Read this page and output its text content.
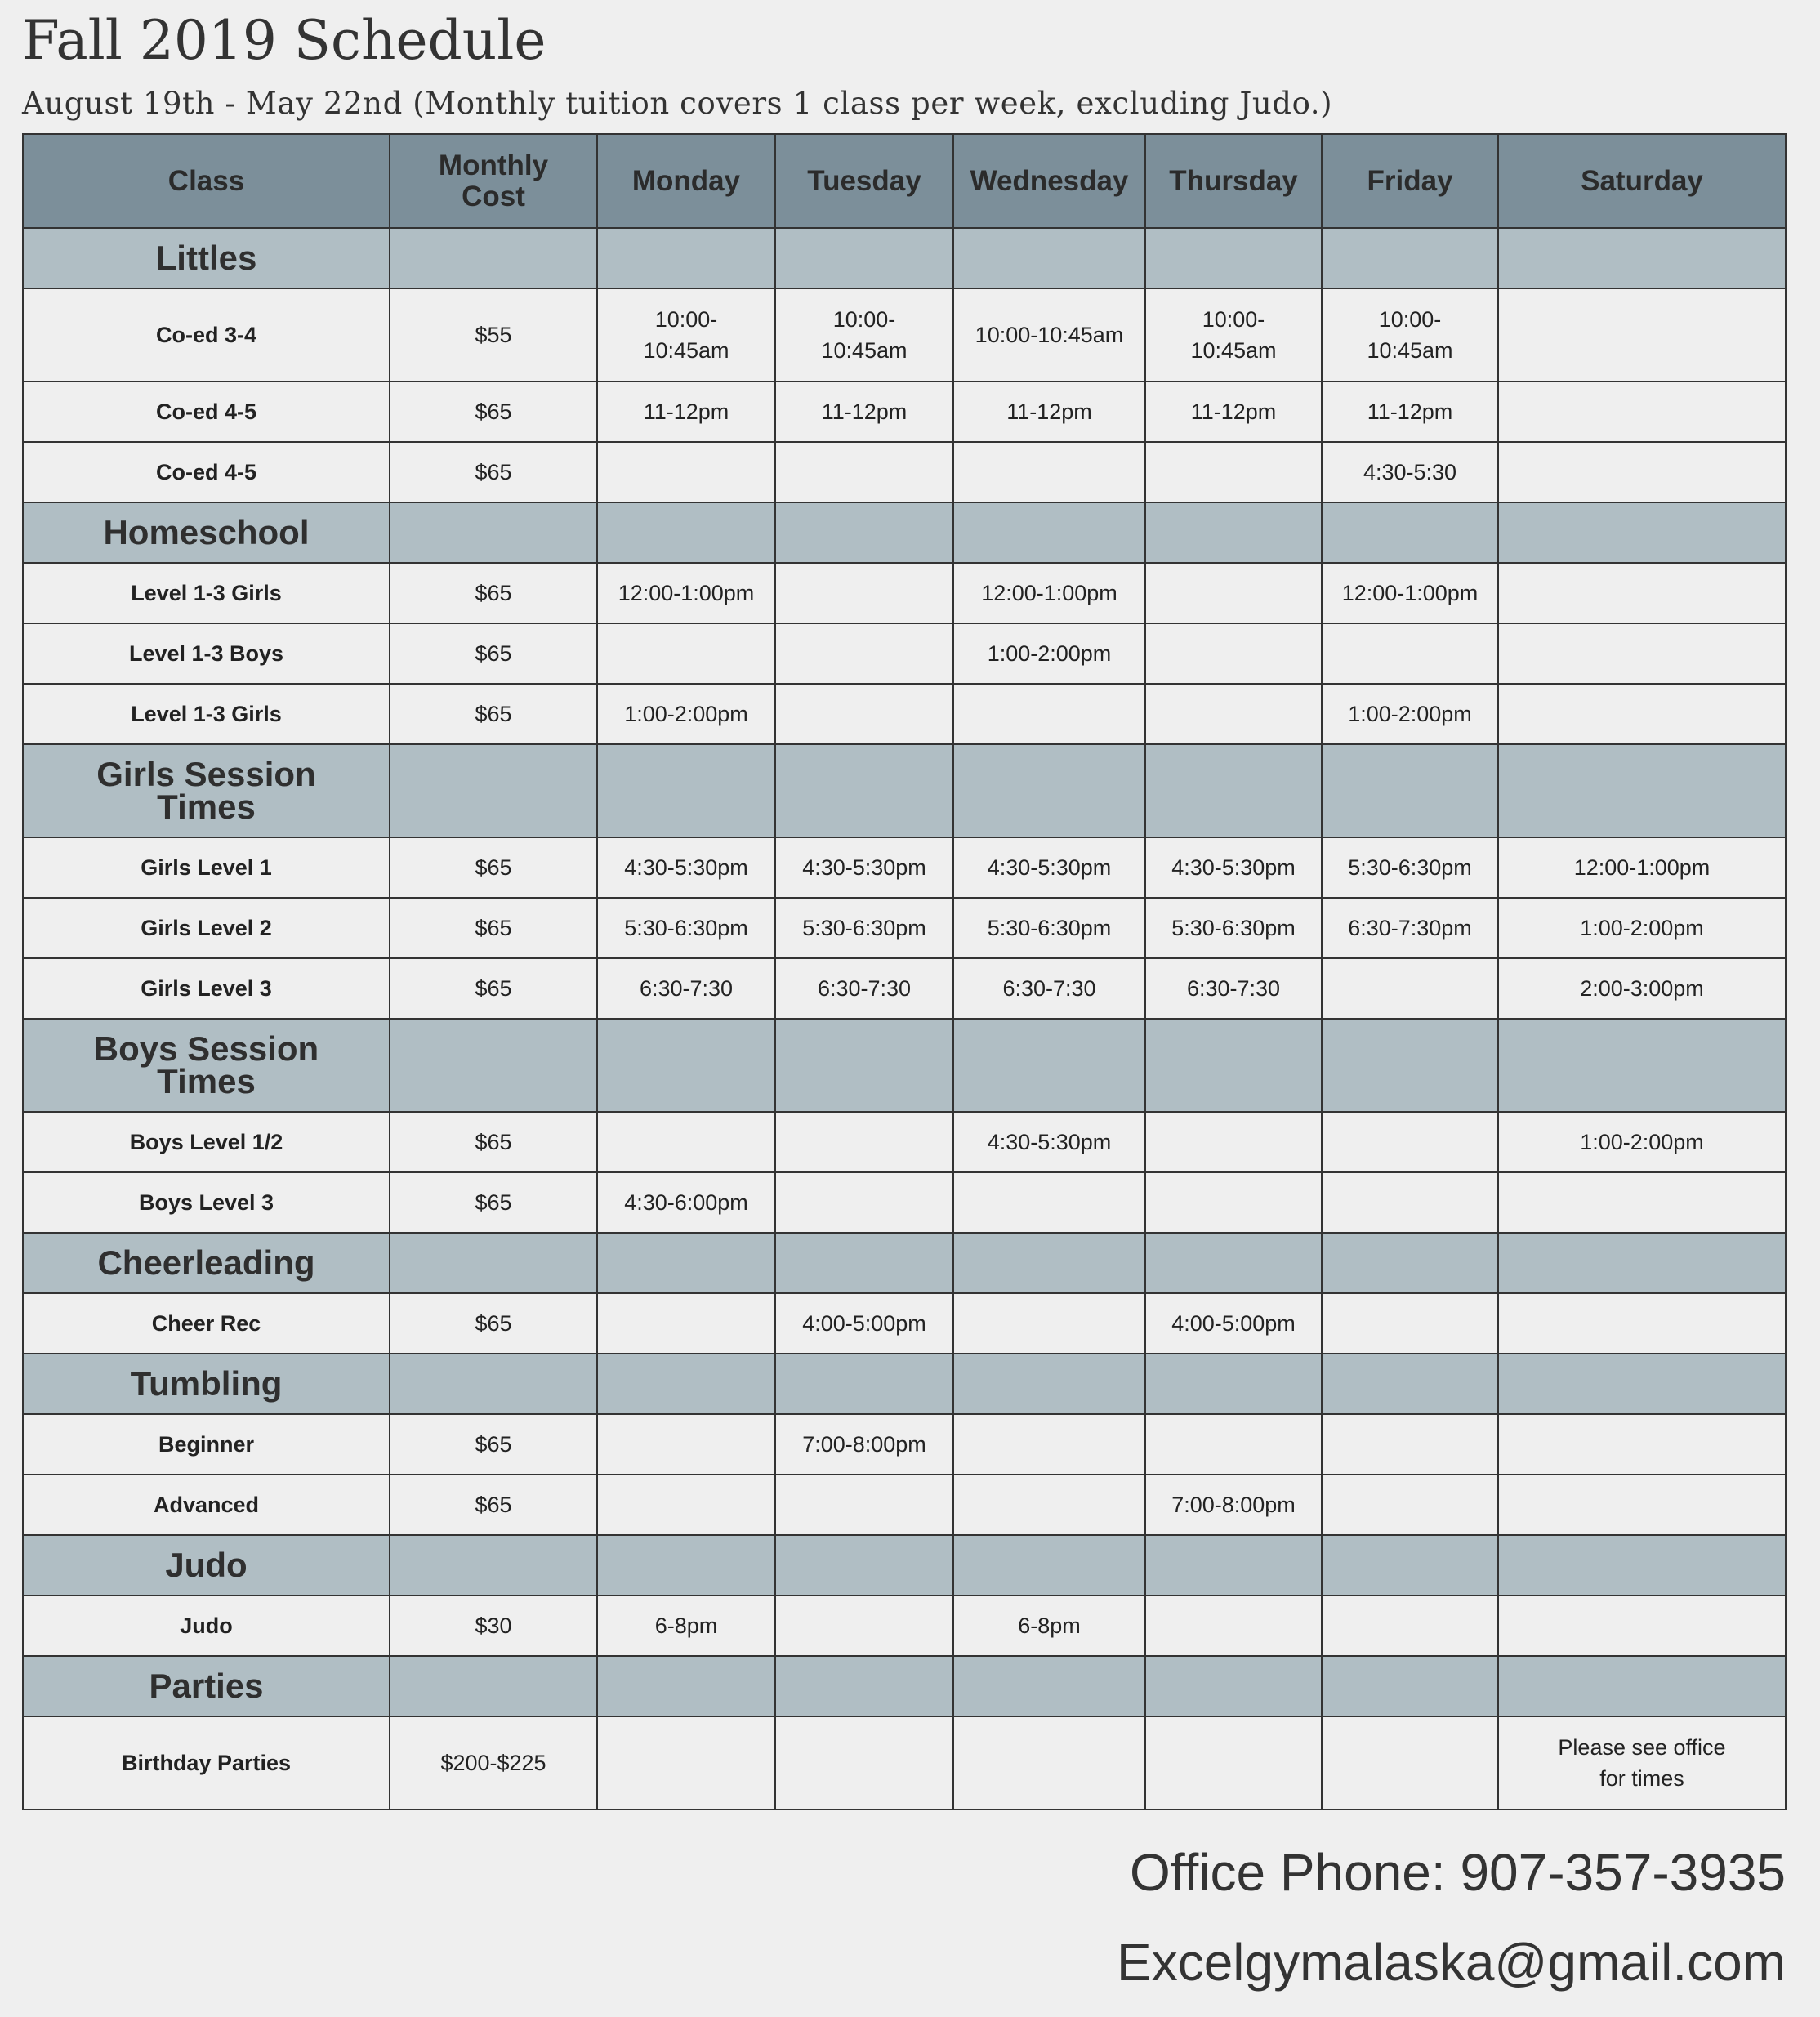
Fall 2019 Schedule

August 19th - May 22nd (Monthly tuition covers 1 class per week, excluding Judo.)

Class	Monthly Cost	Monday	Tuesday	Wednesday	Thursday	Friday	Saturday
Littles							
Co-ed 3-4	$55	10:00-10:45am	10:00-10:45am	10:00-10:45am	10:00-10:45am	10:00-10:45am	
Co-ed 4-5	$65	11-12pm	11-12pm	11-12pm	11-12pm	11-12pm	
Co-ed 4-5	$65					4:30-5:30	
Homeschool							
Level 1-3 Girls	$65	12:00-1:00pm		12:00-1:00pm		12:00-1:00pm	
Level 1-3 Boys	$65			1:00-2:00pm			
Level 1-3 Girls	$65	1:00-2:00pm				1:00-2:00pm	
Girls Session Times							
Girls Level 1	$65	4:30-5:30pm	4:30-5:30pm	4:30-5:30pm	4:30-5:30pm	5:30-6:30pm	12:00-1:00pm
Girls Level 2	$65	5:30-6:30pm	5:30-6:30pm	5:30-6:30pm	5:30-6:30pm	6:30-7:30pm	1:00-2:00pm
Girls Level 3	$65	6:30-7:30	6:30-7:30	6:30-7:30	6:30-7:30		2:00-3:00pm
Boys Session Times							
Boys Level 1/2	$65			4:30-5:30pm			1:00-2:00pm
Boys Level 3	$65	4:30-6:00pm					
Cheerleading							
Cheer Rec	$65		4:00-5:00pm		4:00-5:00pm		
Tumbling							
Beginner	$65		7:00-8:00pm				
Advanced	$65				7:00-8:00pm		
Judo							
Judo	$30	6-8pm		6-8pm			
Parties							
Birthday Parties	$200-$225						Please see office for times
Office Phone: 907-357-3935
Excelgymalaska@gmail.com
